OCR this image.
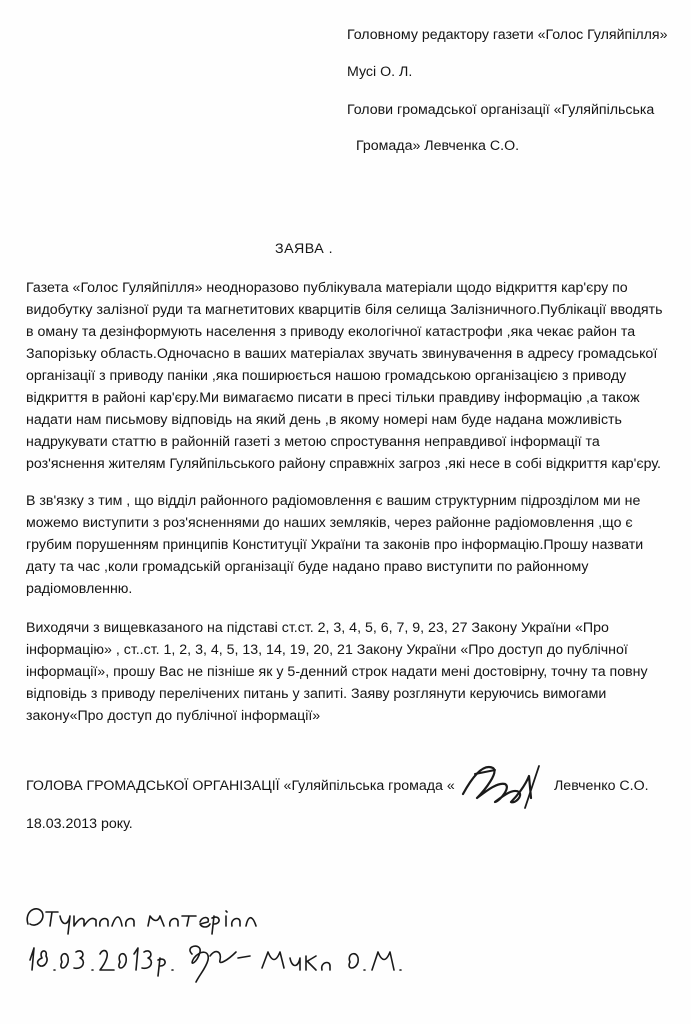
Головному редактору газети «Голос Гуляйпілля»
Мусі О. Л.
Голови громадської організації «Гуляйпільська
Громада» Левченка С.О.
ЗАЯВА .
Газета «Голос Гуляйпілля» неоднорaзово публікувала матеріали щодо відкриття кар'єру по
видобутку залізної руди та магнетитових кварцитів біля селища Залізничного.Публікації вводять
в оману та дезінформують населення з приводу екологічної катастрофи ,яка чекає район та
Запорізьку область.Одночасно в ваших матеріалах звучать звинувачення в адресу громадської
організації з приводу паніки ,яка поширюється нашою громадською організацією з приводу
відкриття в районі кар'єру.Ми вимагаємо писати в пресі тільки правдиву інформацію ,а також
надати нам письмову відповідь на який день ,в якому номері нам буде надана можливість
надрукувати статтю в районній газеті з метою спростування неправдивої інформації та
роз'яснення жителям Гуляйпільського району справжніх загроз ,які несе в собі відкриття кар'єру.
В зв'язку з тим , що відділ районного радіомовлення є вашим структурним підрозділом ми не
можемо виступити з роз'ясненнями до наших земляків, через районне радіомовлення ,що є
грубим порушенням принципів Конституції України та законів про інформацію.Прошу назвати
дату та час ,коли громадській організації буде надано право виступити по районному
радіомовленню.
Виходячи з вищевказаного на підставі ст.ст. 2, 3, 4, 5, 6, 7, 9, 23, 27 Закону України «Про
інформацію» , ст..ст. 1, 2, 3, 4, 5, 13, 14, 19, 20, 21 Закону України «Про доступ до публічної
інформації», прошу Вас не пізніше як у 5-денний строк надати мені достовірну, точну та повну
відповідь з приводу перелічених питань у запиті. Заяву розглянути керуючись вимогами
закону«Про доступ до публічної інформації»
ГОЛОВА ГРОМАДСЬКОЇ ОРГАНІЗАЦІЇ «Гуляйпільська громада «	Левченко С.О.
18.03.2013 року.
